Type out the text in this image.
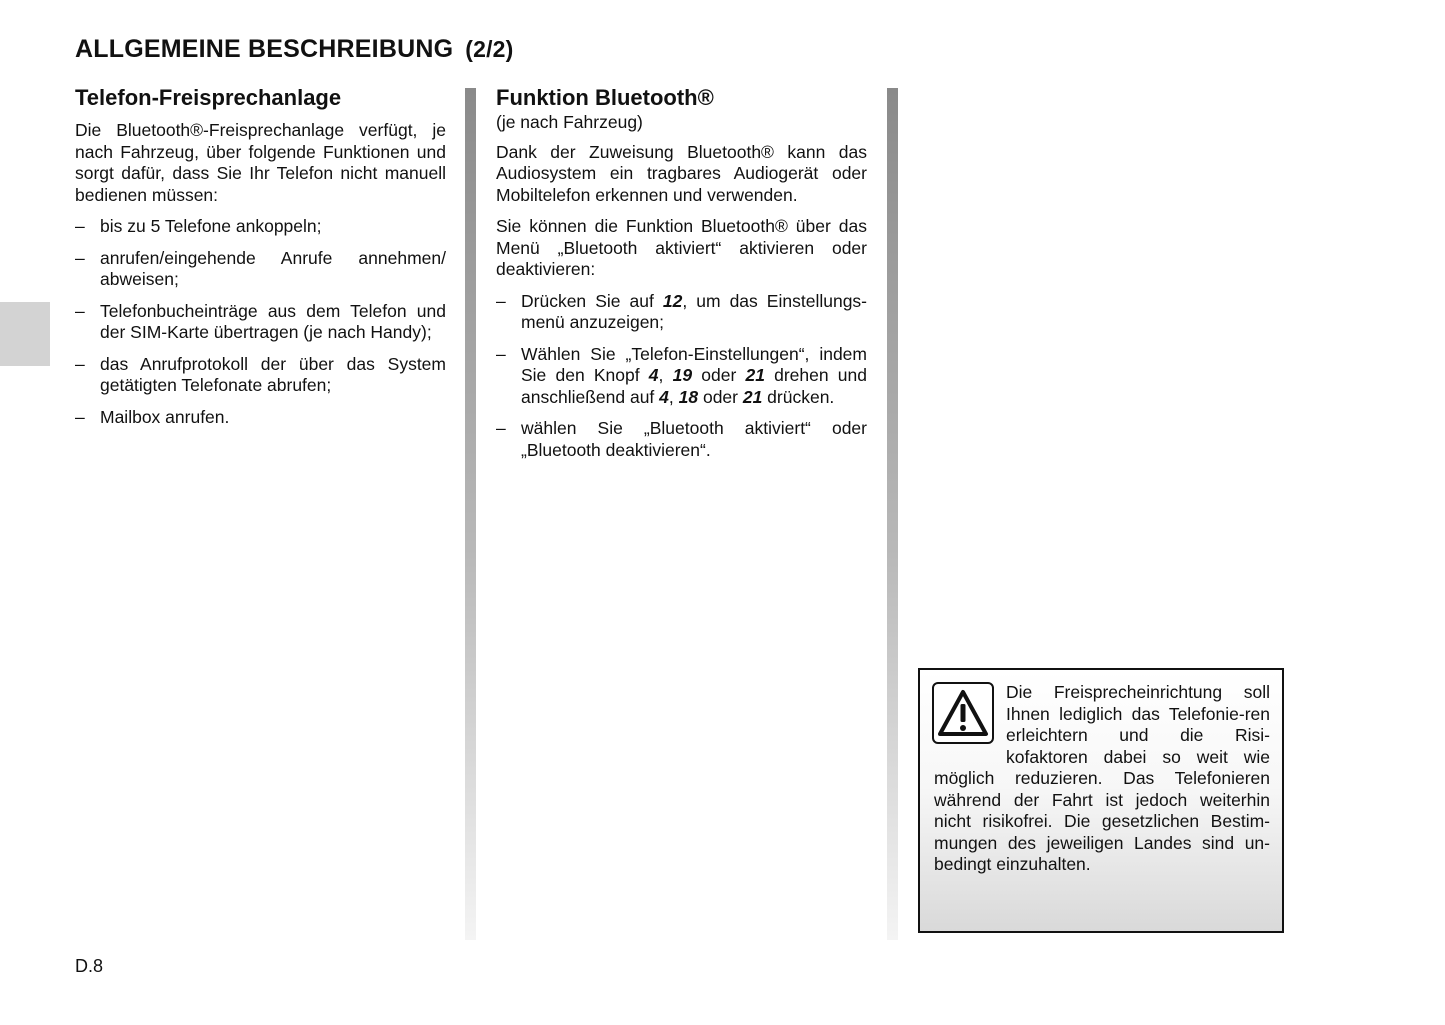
ALLGEMEINE BESCHREIBUNG (2/2)
Telefon-Freisprechanlage

Die Bluetooth®-Freisprechanlage verfügt, je nach Fahrzeug, über folgende Funktionen und sorgt dafür, dass Sie Ihr Telefon nicht manuell bedienen müssen:

– bis zu 5 Telefone ankoppeln;
– anrufen/eingehende Anrufe annehmen/ abweisen;
– Telefonbucheinträge aus dem Telefon und der SIM-Karte übertragen (je nach Handy);
– das Anrufprotokoll der über das System getätigten Telefonate abrufen;
– Mailbox anrufen.
Funktion Bluetooth®
(je nach Fahrzeug)

Dank der Zuweisung Bluetooth® kann das Audiosystem ein tragbares Audiogerät oder Mobiltelefon erkennen und verwenden.

Sie können die Funktion Bluetooth® über das Menü „Bluetooth aktiviert“ aktivieren oder deaktivieren:

– Drücken Sie auf 12, um das Einstellungs-menü anzuzeigen;
– Wählen Sie „Telefon-Einstellungen“, indem Sie den Knopf 4, 19 oder 21 drehen und anschließend auf 4, 18 oder 21 drücken.
– wählen Sie „Bluetooth aktiviert“ oder „Bluetooth deaktivieren“.

Die Freisprecheinrichtung soll Ihnen lediglich das Telefonie-ren erleichtern und die Risi-kofaktoren dabei so weit wie möglich reduzieren. Das Telefonieren während der Fahrt ist jedoch weiterhin nicht risikofrei. Die gesetzlichen Bestim-mungen des jeweiligen Landes sind un-bedingt einzuhalten.

D.8
